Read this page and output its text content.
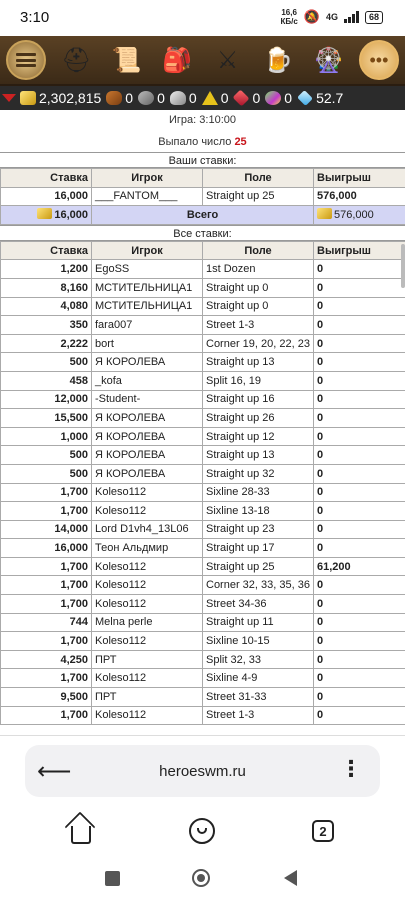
3:10	16,6
КБ/с 🔕 4G	68
⛑ 📜 🎒	⚔	🍺 🎡	•••
2,302,815 0 0 0 0 0 0 52.7
Игра: 3:10:00
Выпало число 25
Ваши ставки:
Ставка	Игрок	Поле	Выигрыш
16,000	___FANTOM___	Straight up 25	576,000
16,000	Всего		576,000
Все ставки:
Ставка	Игрок	Поле	Выигрыш
1,200	EgoSS	1st Dozen	0
8,160	МСТИТЕЛЬНИЦА1	Straight up 0	0
4,080	МСТИТЕЛЬНИЦА1	Straight up 0	0
350	fara007	Street 1-3	0
2,222	bort	Corner 19, 20, 22, 23	0
500	Я КОРОЛЕВА	Straight up 13	0
458	_kofa	Split 16, 19	0
12,000	-Student-	Straight up 16	0
15,500	Я КОРОЛЕВА	Straight up 26	0
1,000	Я КОРОЛЕВА	Straight up 12	0
500	Я КОРОЛЕВА	Straight up 13	0
500	Я КОРОЛЕВА	Straight up 32	0
1,700	Koleso112	Sixline 28-33	0
1,700	Koleso112	Sixline 13-18	0
14,000	Lord D1vh4_13L06	Straight up 23	0
16,000	Теон Альдмир	Straight up 17	0
1,700	Koleso112	Straight up 25	61,200
1,700	Koleso112	Corner 32, 33, 35, 36	0
1,700	Koleso112	Street 34-36	0
744	Melna perle	Straight up 11	0
1,700	Koleso112	Sixline 10-15	0
4,250	ПРТ	Split 32, 33	0
1,700	Koleso112	Sixline 4-9	0
9,500	ПРТ	Street 31-33	0
1,700	Koleso112	Street 1-3	0
⟵	heroeswm.ru	⋮
2
